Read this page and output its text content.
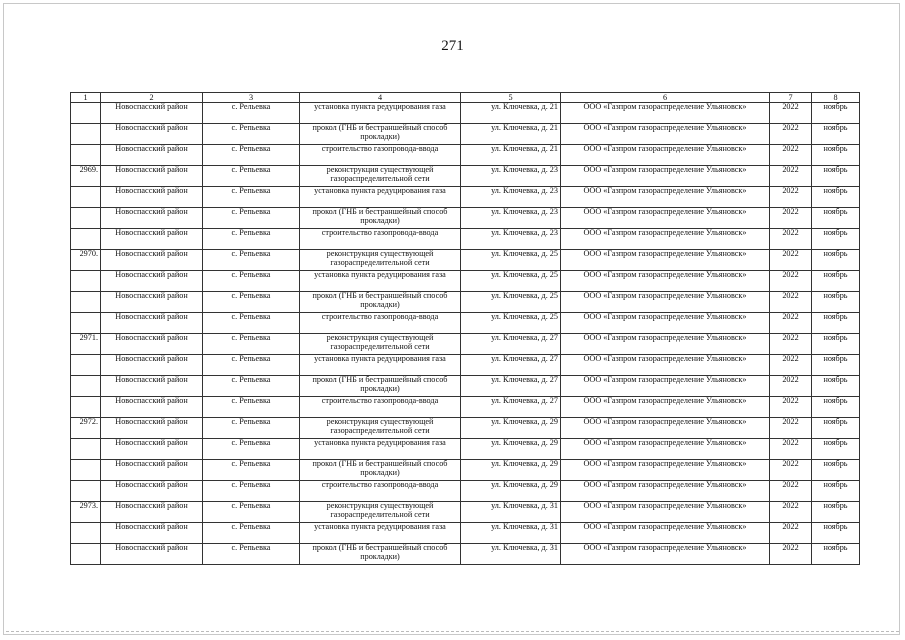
271
1	2	3	4	5	6	7	8
	Новоспасский район	с. Рельевка	установка пункта редуцирования газа	ул. Ключевка, д. 21	ООО «Газпром газораспределение Ульяновск»	2022	ноябрь
	Новоспасский район	с. Репьевка	прокол (ГНБ и бестраншейный способ прокладки)	ул. Ключевка, д. 21	ООО «Газпром газораспределение Ульяновск»	2022	ноябрь
	Новоспасский район	с. Репьевка	строительство газопровода-ввода	ул. Ключевка, д. 21	ООО «Газпром газораспределение Ульяновск»	2022	ноябрь
2969.	Новоспасский район	с. Репьевка	реконструкция существующей газораспределительной сети	ул. Ключевка, д. 23	ООО «Газпром газораспределение Ульяновск»	2022	ноябрь
	Новоспасский район	с. Репьевка	установка пункта редуцирования газа	ул. Ключевка, д. 23	ООО «Газпром газораспределение Ульяновск»	2022	ноябрь
	Новоспасский район	с. Репьевка	прокол (ГНБ и бестраншейный способ прокладки)	ул. Ключевка, д. 23	ООО «Газпром газораспределение Ульяновск»	2022	ноябрь
	Новоспасский район	с. Репьевка	строительство газопровода-ввода	ул. Ключевка, д. 23	ООО «Газпром газораспределение Ульяновск»	2022	ноябрь
2970.	Новоспасский район	с. Репьевка	реконструкция существующей газораспределительной сети	ул. Ключевка, д. 25	ООО «Газпром газораспределение Ульяновск»	2022	ноябрь
	Новоспасский район	с. Репьевка	установка пункта редуцирования газа	ул. Ключевка, д. 25	ООО «Газпром газораспределение Ульяновск»	2022	ноябрь
	Новоспасский район	с. Репьевка	прокол (ГНБ и бестраншейный способ прокладки)	ул. Ключевка, д. 25	ООО «Газпром газораспределение Ульяновск»	2022	ноябрь
	Новоспасский район	с. Репьевка	строительство газопровода-ввода	ул. Ключевка, д. 25	ООО «Газпром газораспределение Ульяновск»	2022	ноябрь
2971.	Новоспасский район	с. Репьевка	реконструкция существующей газораспределительной сети	ул. Ключевка, д. 27	ООО «Газпром газораспределение Ульяновск»	2022	ноябрь
	Новоспасский район	с. Репьевка	установка пункта редуцирования газа	ул. Ключевка, д. 27	ООО «Газпром газораспределение Ульяновск»	2022	ноябрь
	Новоспасский район	с. Репьевка	прокол (ГНБ и бестраншейный способ прокладки)	ул. Ключевка, д. 27	ООО «Газпром газораспределение Ульяновск»	2022	ноябрь
	Новоспасский район	с. Репьевка	строительство газопровода-ввода	ул. Ключевка, д. 27	ООО «Газпром газораспределение Ульяновск»	2022	ноябрь
2972.	Новоспасский район	с. Репьевка	реконструкция существующей газораспределительной сети	ул. Ключевка, д. 29	ООО «Газпром газораспределение Ульяновск»	2022	ноябрь
	Новоспасский район	с. Репьевка	установка пункта редуцирования газа	ул. Ключевка, д. 29	ООО «Газпром газораспределение Ульяновск»	2022	ноябрь
	Новоспасский район	с. Репьевка	прокол (ГНБ и бестраншейный способ прокладки)	ул. Ключевка, д. 29	ООО «Газпром газораспределение Ульяновск»	2022	ноябрь
	Новоспасский район	с. Репьевка	строительство газопровода-ввода	ул. Ключевка, д. 29	ООО «Газпром газораспределение Ульяновск»	2022	ноябрь
2973.	Новоспасский район	с. Репьевка	реконструкция существующей газораспределительной сети	ул. Ключевка, д. 31	ООО «Газпром газораспределение Ульяновск»	2022	ноябрь
	Новоспасский район	с. Репьевка	установка пункта редуцирования газа	ул. Ключевка, д. 31	ООО «Газпром газораспределение Ульяновск»	2022	ноябрь
	Новоспасский район	с. Репьевка	прокол (ГНБ и бестраншейный способ прокладки)	ул. Ключевка, д. 31	ООО «Газпром газораспределение Ульяновск»	2022	ноябрь
